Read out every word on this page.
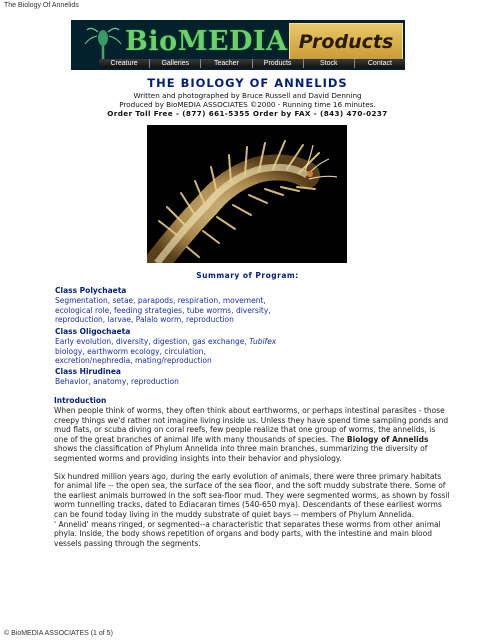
The Biology Of Annelids
BioMEDIA Products
Creature	Galleries	Teacher	Products	Stock	Contact
THE BIOLOGY OF ANNELIDS
Written and photographed by Bruce Russell and David Denning
Produced by BioMEDIA ASSOCIATES ©2000 - Running time 16 minutes.
Order Toll Free - (877) 661-5355 Order by FAX - (843) 470-0237
Summary of Program:
Class Polychaeta
Segmentation, setae, parapods, respiration, movement,
ecological role, feeding strategies, tube worms, diversity,
reproduction, larvae, Palalo worm, reproduction
Class Oligochaeta
Early evolution, diversity, digestion, gas exchange, Tubifex
biology, earthworm ecology, circulation,
excretion/nephredia, mating/reproduction
Class Hirudinea
Behavior, anatomy, reproduction
Introduction

When people think of worms, they often think about earthworms, or perhaps intestinal parasites - those

creepy things we'd rather not imagine living inside us. Unless they have spend time sampling ponds and

mud flats, or scuba diving on coral reefs, few people realize that one group of worms, the annelids, is

one of the great branches of animal life with many thousands of species. The Biology of Annelids

shows the classification of Phylum Annelida into three main branches, summarizing the diversity of

segmented worms and providing insights into their behavior and physiology.

Six hundred million years ago, during the early evolution of animals, there were three primary habitats

for animal life -- the open sea, the surface of the sea floor, and the soft muddy substrate there. Some of

the earliest animals burrowed in the soft sea-floor mud. They were segmented worms, as shown by fossil

worm tunnelling tracks, dated to Ediacaran times (540-650 mya). Descendants of these earliest worms

can be found today living in the muddy substrate of quiet bays -- members of Phylum Annelida.

' Annelid' means ringed, or segmented--a characteristic that separates these worms from other animal

phyla. Inside, the body shows repetition of organs and body parts, with the intestine and main blood

vessels passing through the segments.

© BioMEDIA ASSOCIATES (1 of 5)
